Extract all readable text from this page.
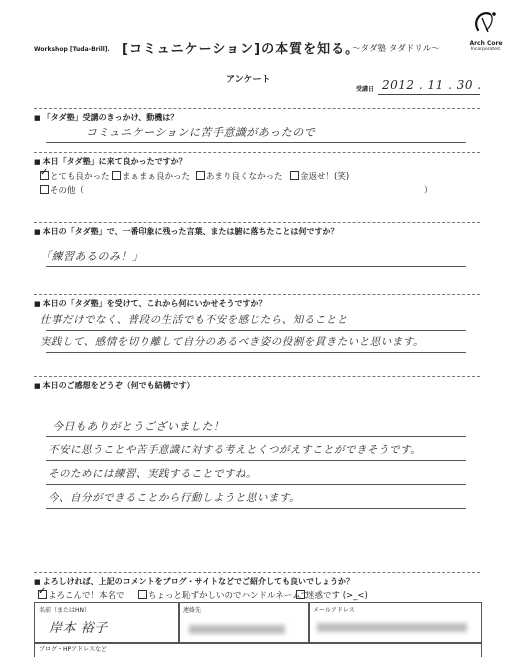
Workshop [Tuda-Brill]. [コミュニケーション]の本質を知る。
～タダ塾 タダドリル～
Arch Core
Incorporated.
アンケート
受講日 2012 . 11 . 30 .
■ 「タダ塾」受講のきっかけ、動機は？
コミュニケーションに苦手意識があったので
■ 本日「タダ塾」に来て良かったですか？
✓とても良かった	まぁまぁ良かった	あまり良くなかった	金返せ！(笑)
その他（	）
■ 本日の「タダ塾」で、一番印象に残った言葉、または腑に落ちたことは何ですか？
「練習あるのみ！」
■ 本日の「タダ塾」を受けて、これから何にいかせそうですか？
仕事だけでなく、普段の生活でも不安を感じたら、知ることと
実践して、感情を切り離して自分のあるべき姿の役割を貫きたいと思います。
■ 本日のご感想をどうぞ（何でも結構です）
今日もありがとうございました！
不安に思うことや苦手意識に対する考えとくつがえすことができそうです。
そのためには練習、実践することですね。
今、自分ができることから行動しようと思います。
■ よろしければ、上記のコメントをブログ・サイトなどでご紹介しても良いでしょうか？
✓よろこんで！本名で	ちょっと恥ずかしいのでハンドルネームで
迷惑です (>_<)
名前（またはHN）
岸本 裕子
連絡先	メールアドレス
ブログ・HPアドレスなど
